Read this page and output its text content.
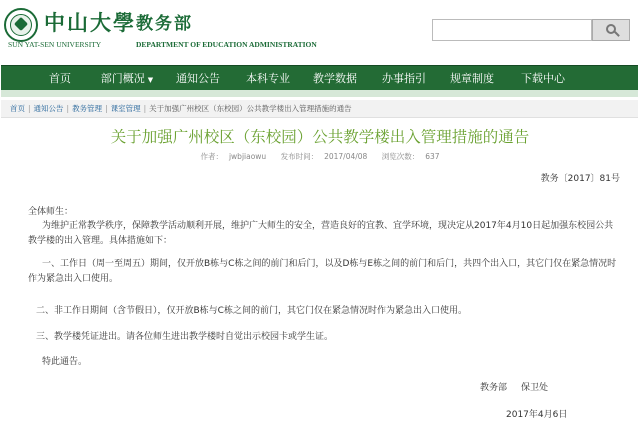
中山大學 教务部
SUN YAT-SEN UNIVERSITY	DEPARTMENT OF EDUCATION ADMINISTRATION
首页	部门概况 ▼	通知公告	本科专业	教学数据	办事指引	规章制度	下载中心
首页 | 通知公告 | 教务管理 | 课室管理 | 关于加强广州校区（东校园）公共教学楼出入管理措施的通告
关于加强广州校区（东校园）公共教学楼出入管理措施的通告
作者： jwbjiaowu 发布时间： 2017/04/08 浏览次数： 637
教务〔2017〕81号
全体师生：
为维护正常教学秩序，保障教学活动顺利开展，维护广大师生的安全，营造良好的宜教、宜学环境，现决定从2017年4月10日起加强东校园公共教学楼的出入管理。具体措施如下：
一、工作日（周一至周五）期间，仅开放B栋与C栋之间的前门和后门，以及D栋与E栋之间的前门和后门，共四个出入口，其它门仅在紧急情况时作为紧急出入口使用。
二、非工作日期间（含节假日），仅开放B栋与C栋之间的前门，其它门仅在紧急情况时作为紧急出入口使用。
三、教学楼凭证进出。请各位师生进出教学楼时自觉出示校园卡或学生证。
特此通告。
教务部 保卫处
2017年4月6日
